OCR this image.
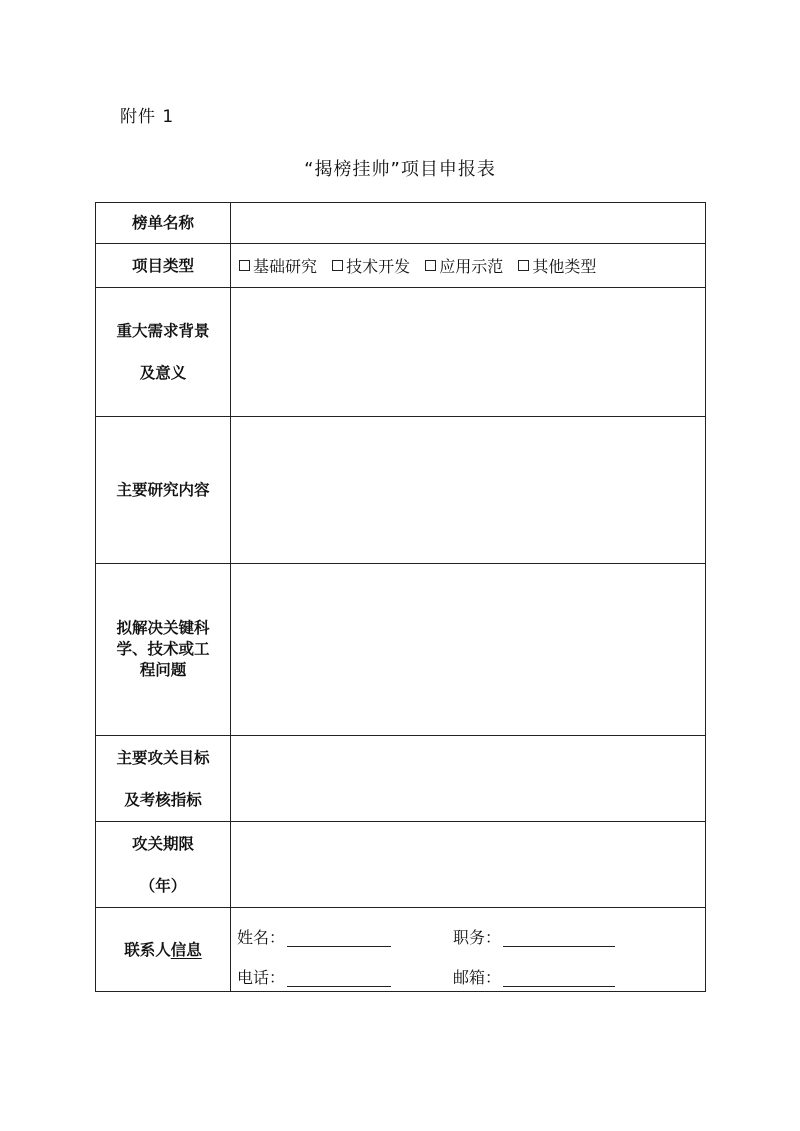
附件 1
“揭榜挂帅”项目申报表
榜单名称	

项目类型	基础研究
技术开发
应用示范
其他类型

重大需求背景
及意义	

主要研究内容	

拟解决关键科
学、技术或工
程问题	

主要攻关目标
及考核指标	

攻关期限
（年）	

联系人信息	姓名： 职务：
电话： 邮箱：
